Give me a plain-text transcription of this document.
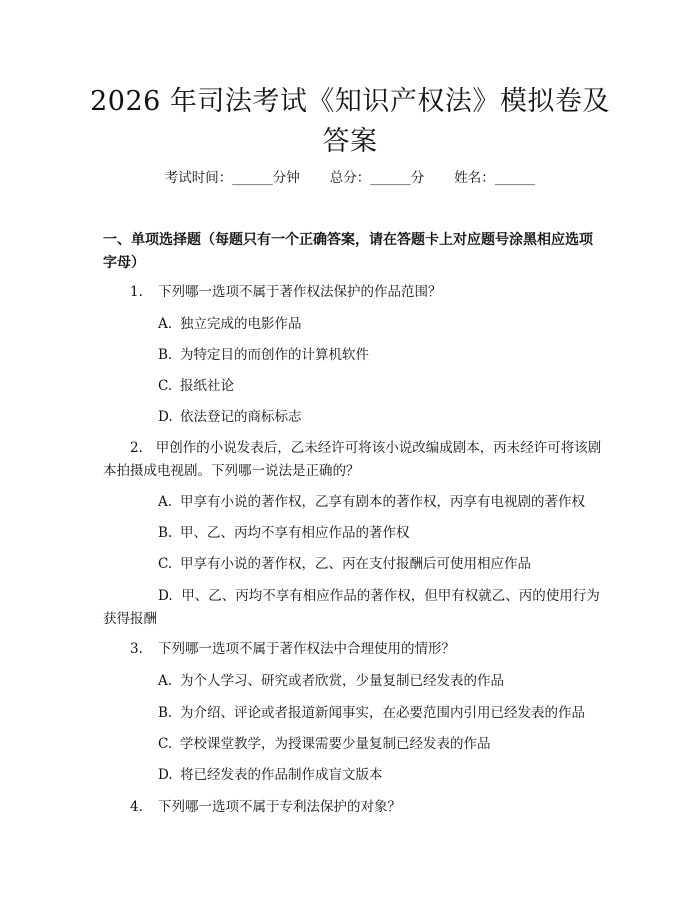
2026 年司法考试《知识产权法》模拟卷及答案
考试时间：______分钟 总分：______分 姓名：______
一、单项选择题（每题只有一个正确答案，请在答题卡上对应题号涂黑相应选项字母）
1. 下列哪一选项不属于著作权法保护的作品范围？
A. 独立完成的电影作品
B. 为特定目的而创作的计算机软件
C. 报纸社论
D. 依法登记的商标标志
2. 甲创作的小说发表后，乙未经许可将该小说改编成剧本，丙未经许可将该剧本拍摄成电视剧。下列哪一说法是正确的？
A. 甲享有小说的著作权，乙享有剧本的著作权，丙享有电视剧的著作权
B. 甲、乙、丙均不享有相应作品的著作权
C. 甲享有小说的著作权，乙、丙在支付报酬后可使用相应作品
D. 甲、乙、丙均不享有相应作品的著作权，但甲有权就乙、丙的使用行为获得报酬
3. 下列哪一选项不属于著作权法中合理使用的情形？
A. 为个人学习、研究或者欣赏，少量复制已经发表的作品
B. 为介绍、评论或者报道新闻事实，在必要范围内引用已经发表的作品
C. 学校课堂教学，为授课需要少量复制已经发表的作品
D. 将已经发表的作品制作成盲文版本
4. 下列哪一选项不属于专利法保护的对象？
